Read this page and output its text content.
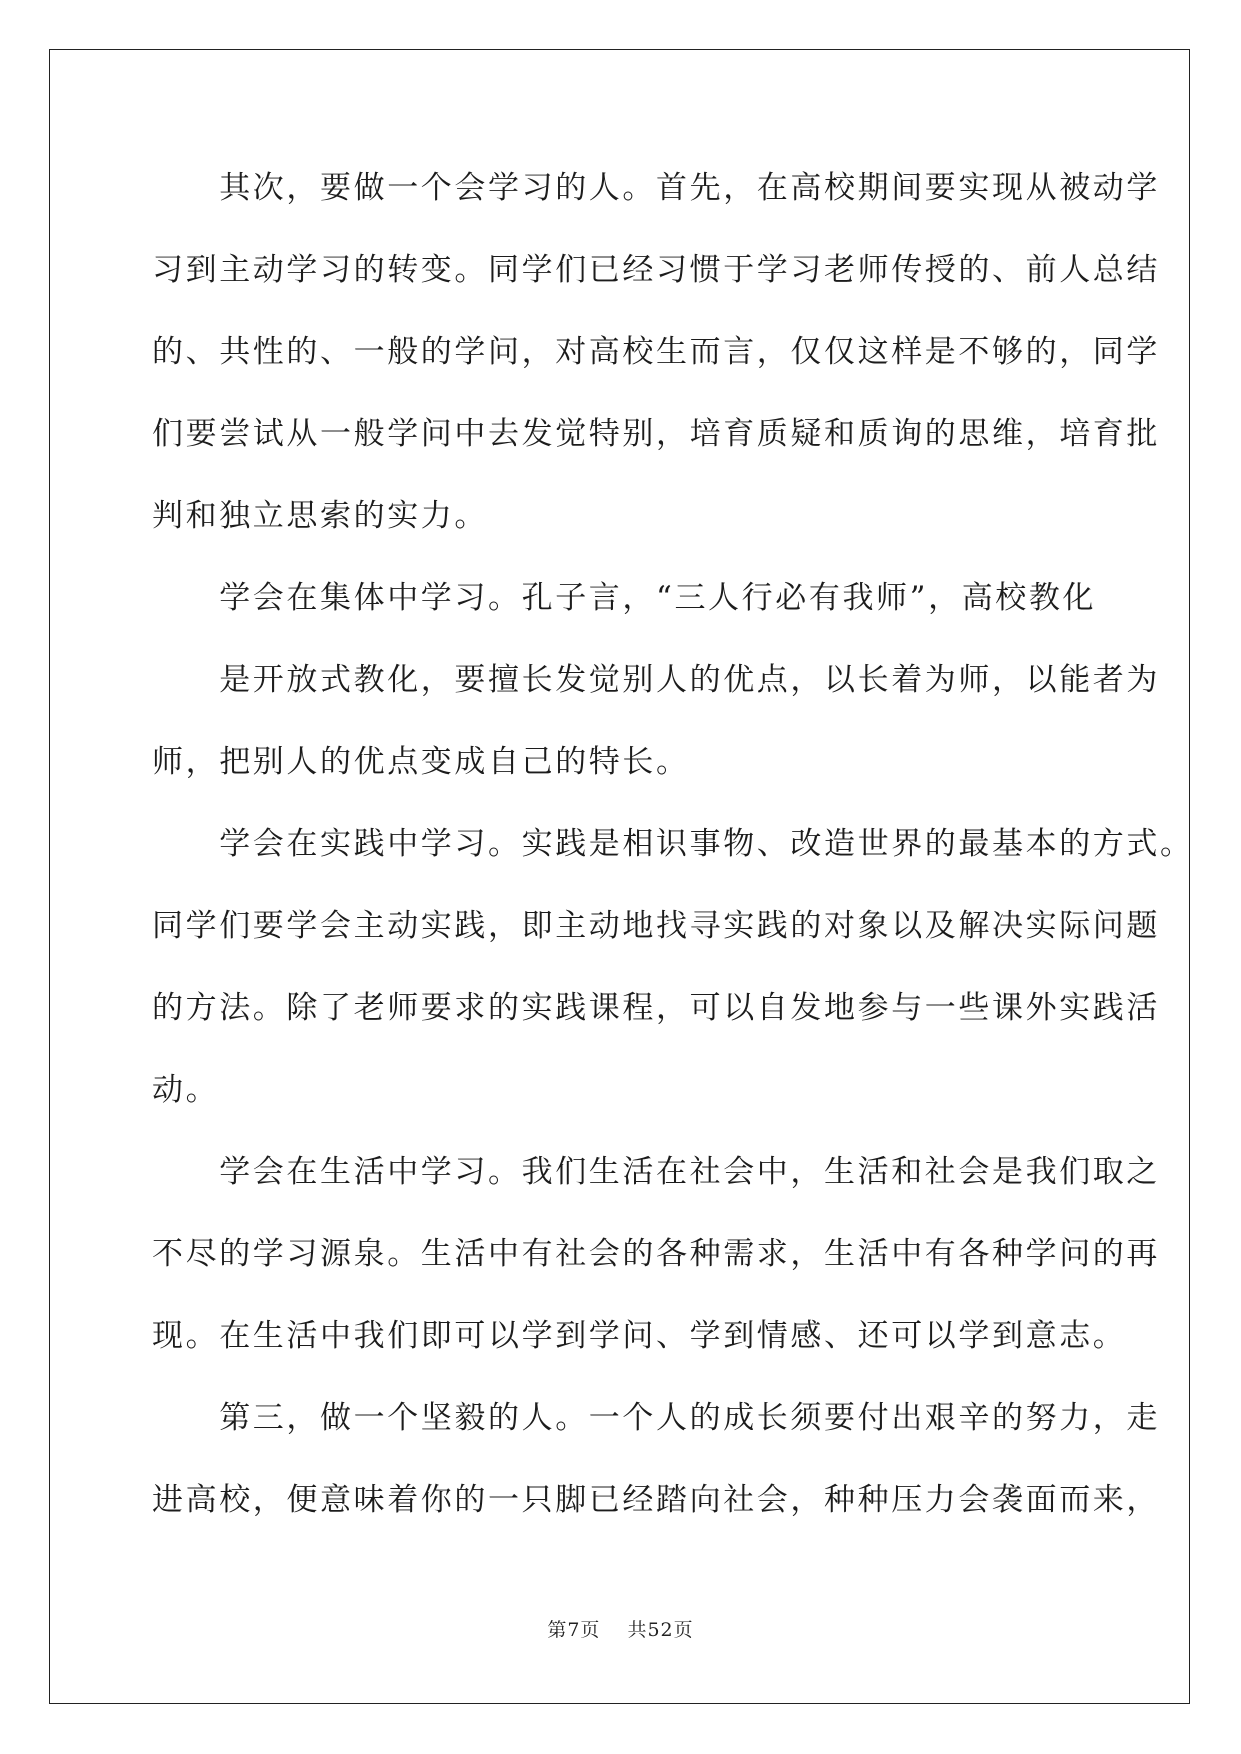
　　其次，要做一个会学习的人。首先，在高校期间要实现从被动学
习到主动学习的转变。同学们已经习惯于学习老师传授的、前人总结
的、共性的、一般的学问，对高校生而言，仅仅这样是不够的，同学
们要尝试从一般学问中去发觉特别，培育质疑和质询的思维，培育批
判和独立思索的实力。
　　学会在集体中学习。孔子言，“三人行必有我师”，高校教化
　　是开放式教化，要擅长发觉别人的优点，以长着为师，以能者为
师，把别人的优点变成自己的特长。
　　学会在实践中学习。实践是相识事物、改造世界的最基本的方式。
同学们要学会主动实践，即主动地找寻实践的对象以及解决实际问题
的方法。除了老师要求的实践课程，可以自发地参与一些课外实践活
动。
　　学会在生活中学习。我们生活在社会中，生活和社会是我们取之
不尽的学习源泉。生活中有社会的各种需求，生活中有各种学问的再
现。在生活中我们即可以学到学问、学到情感、还可以学到意志。
　　第三，做一个坚毅的人。一个人的成长须要付出艰辛的努力，走
进高校，便意味着你的一只脚已经踏向社会，种种压力会袭面而来，
第7页 共52页
